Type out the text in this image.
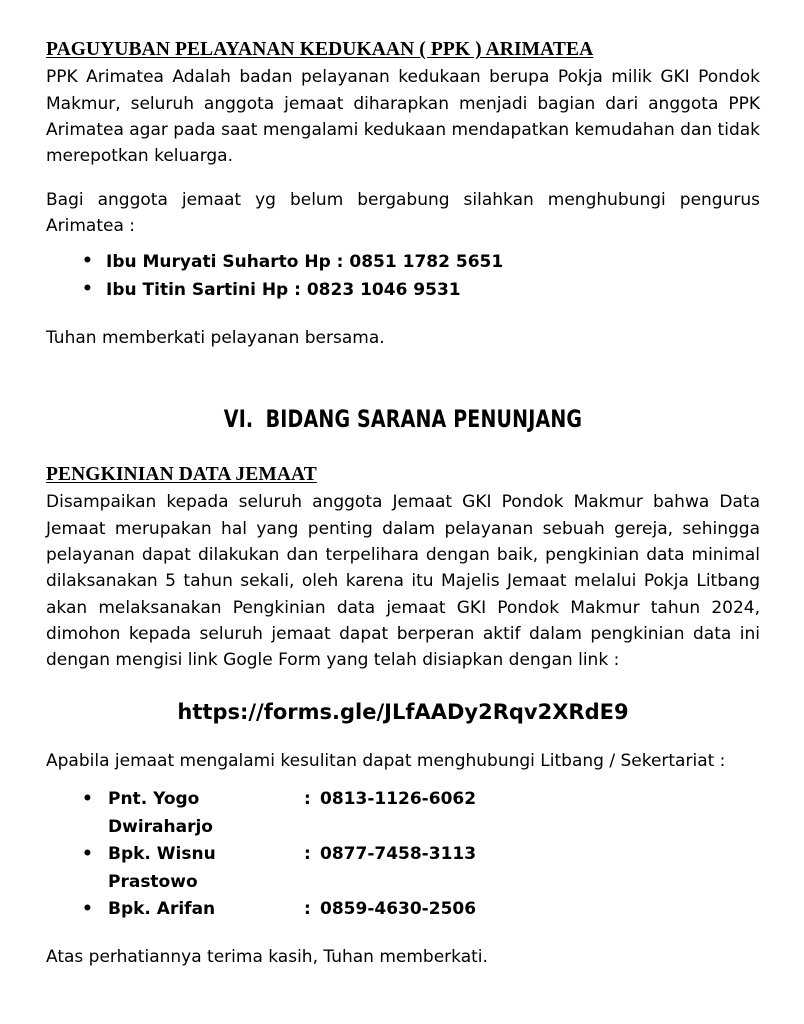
PAGUYUBAN PELAYANAN KEDUKAAN ( PPK ) ARIMATEA

PPK Arimatea Adalah badan pelayanan kedukaan berupa Pokja milik GKI Pondok Makmur, seluruh anggota jemaat diharapkan menjadi bagian dari anggota PPK Arimatea agar pada saat mengalami kedukaan mendapatkan kemudahan dan tidak merepotkan keluarga.

Bagi anggota jemaat yg belum bergabung silahkan menghubungi pengurus Arimatea :

• Ibu Muryati Suharto Hp : 0851 1782 5651
• Ibu Titin Sartini Hp : 0823 1046 9531

Tuhan memberkati pelayanan bersama.

VI. BIDANG SARANA PENUNJANG
PENGKINIAN DATA JEMAAT

Disampaikan kepada seluruh anggota Jemaat GKI Pondok Makmur bahwa Data Jemaat merupakan hal yang penting dalam pelayanan sebuah gereja, sehingga pelayanan dapat dilakukan dan terpelihara dengan baik, pengkinian data minimal dilaksanakan 5 tahun sekali, oleh karena itu Majelis Jemaat melalui Pokja Litbang akan melaksanakan Pengkinian data jemaat GKI Pondok Makmur tahun 2024, dimohon kepada seluruh jemaat dapat berperan aktif dalam pengkinian data ini dengan mengisi link Gogle Form yang telah disiapkan dengan link :

https://forms.gle/JLfAADy2Rqv2XRdE9

Apabila jemaat mengalami kesulitan dapat menghubungi Litbang / Sekertariat :

•	Pnt. Yogo Dwiraharjo	:	0813-1126-6062
•	Bpk. Wisnu Prastowo	:	0877-7458-3113
•	Bpk. Arifan	:	0859-4630-2506

Atas perhatiannya terima kasih, Tuhan memberkati.
